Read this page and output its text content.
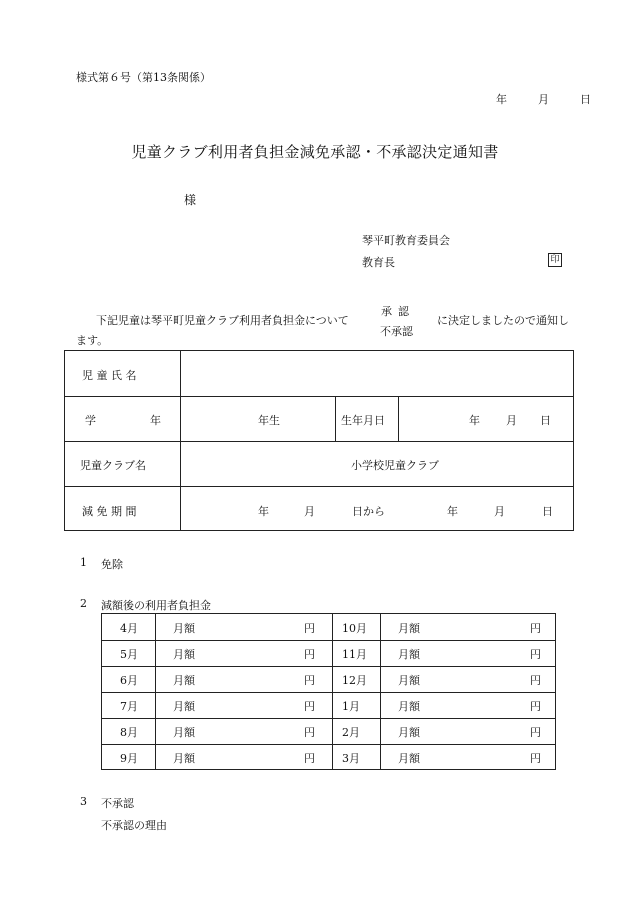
様式第６号（第13条関係）
年	月	日
児童クラブ利用者負担金減免承認・不承認決定通知書
様
琴平町教育委員会
教育長	印
下記児童は琴平町児童クラブ利用者負担金について
承認
不承認
に決定しましたので通知し
ます。
児 童 氏 名
学	年	年生	生年月日	年 月 日
児童クラブ名	小学校児童クラブ
減 免 期 間	年	月	日から	年	月	日
1 免除
2 減額後の利用者負担金
4月	月額	円 10月	月額	円
5月	月額	円 11月	月額	円
6月	月額	円 12月	月額	円
7月	月額	円 1月	月額	円
8月	月額	円 2月	月額	円
9月	月額	円 3月	月額	円
3 不承認
不承認の理由
